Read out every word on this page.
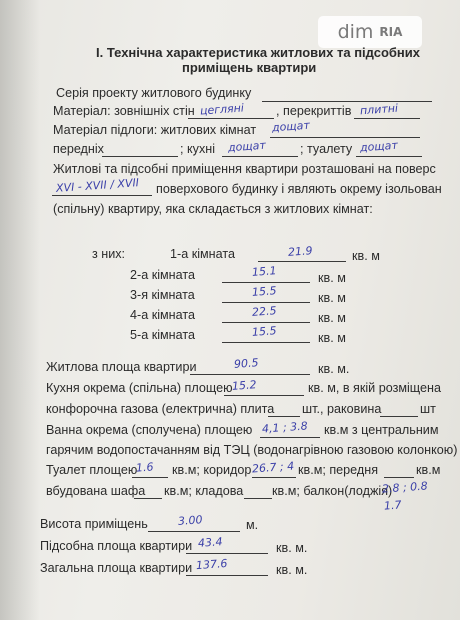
dim RIA
I. Технічна характеристика житлових та підсобних
приміщень квартири
Серія проекту житлового будинку
Матеріал: зовнішніх стін цегляні	, перекриттів плитні
Матеріал підлоги: житлових кімнат дощат
передніх	; кухні дощат	; туалету дощат
Житлові та підсобні приміщення квартири розташовані на поверс
XVI - XVII / XVII поверхового будинку і являють окрему ізольован
(спільну) квартиру, яка складається з житлових кімнат:
з них:	1-а кімната	21.9	кв. м
2-а кімната	15.1	кв. м
3-я кімната	15.5	кв. м
4-а кімната	22.5	кв. м
5-а кімната	15.5	кв. м
Житлова площа квартири	90.5	кв. м.
Кухня окрема (спільна) площею
15.2	кв. м, в якій розміщена
конфорочна газова (електрична) плита шт., раковина	шт
Ванна окрема (сполучена) площею 4,1 ; 3.8 кв.м з центральним
гарячим водопостачанням від ТЭЦ (водонагрівною газовою колонкою)
Туалет площею
1.6 кв.м; коридор 26.7 ; 4 кв.м; передня	кв.м
вбудована шафа кв.м; кладова кв.м; балкон(лоджія)
2.8 ; 0.8
1.7
Висота приміщень	3.00	м.
Підсобна площа квартири 43.4	кв. м.
Загальна площа квартири 137.6	кв. м.
